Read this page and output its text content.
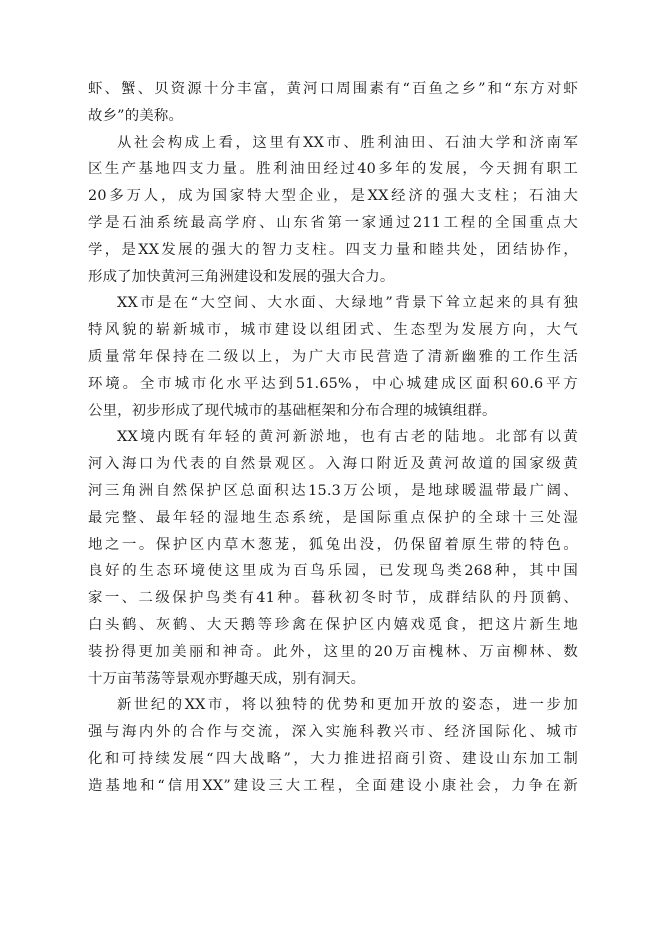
虾、蟹、贝资源十分丰富，黄河口周围素有“百鱼之乡”和“东方对虾
故乡”的美称。
从社会构成上看，这里有XX市、胜利油田、石油大学和济南军
区生产基地四支力量。胜利油田经过40多年的发展，今天拥有职工
20多万人，成为国家特大型企业，是XX经济的强大支柱；石油大
学是石油系统最高学府、山东省第一家通过211工程的全国重点大
学，是XX发展的强大的智力支柱。四支力量和睦共处，团结协作，
形成了加快黄河三角洲建设和发展的强大合力。
XX市是在“大空间、大水面、大绿地”背景下耸立起来的具有独
特风貌的崭新城市，城市建设以组团式、生态型为发展方向，大气
质量常年保持在二级以上，为广大市民营造了清新幽雅的工作生活
环境。全市城市化水平达到51.65%，中心城建成区面积60.6平方
公里，初步形成了现代城市的基础框架和分布合理的城镇组群。
XX境内既有年轻的黄河新淤地，也有古老的陆地。北部有以黄
河入海口为代表的自然景观区。入海口附近及黄河故道的国家级黄
河三角洲自然保护区总面积达15.3万公顷，是地球暖温带最广阔、
最完整、最年轻的湿地生态系统，是国际重点保护的全球十三处湿
地之一。保护区内草木葱茏，狐兔出没，仍保留着原生带的特色。
良好的生态环境使这里成为百鸟乐园，已发现鸟类268种，其中国
家一、二级保护鸟类有41种。暮秋初冬时节，成群结队的丹顶鹤、
白头鹤、灰鹤、大天鹅等珍禽在保护区内嬉戏觅食，把这片新生地
装扮得更加美丽和神奇。此外，这里的20万亩槐林、万亩柳林、数
十万亩苇荡等景观亦野趣天成，别有洞天。
新世纪的XX市，将以独特的优势和更加开放的姿态，进一步加
强与海内外的合作与交流，深入实施科教兴市、经济国际化、城市
化和可持续发展“四大战略”，大力推进招商引资、建设山东加工制
造基地和“信用XX”建设三大工程，全面建设小康社会，力争在新
